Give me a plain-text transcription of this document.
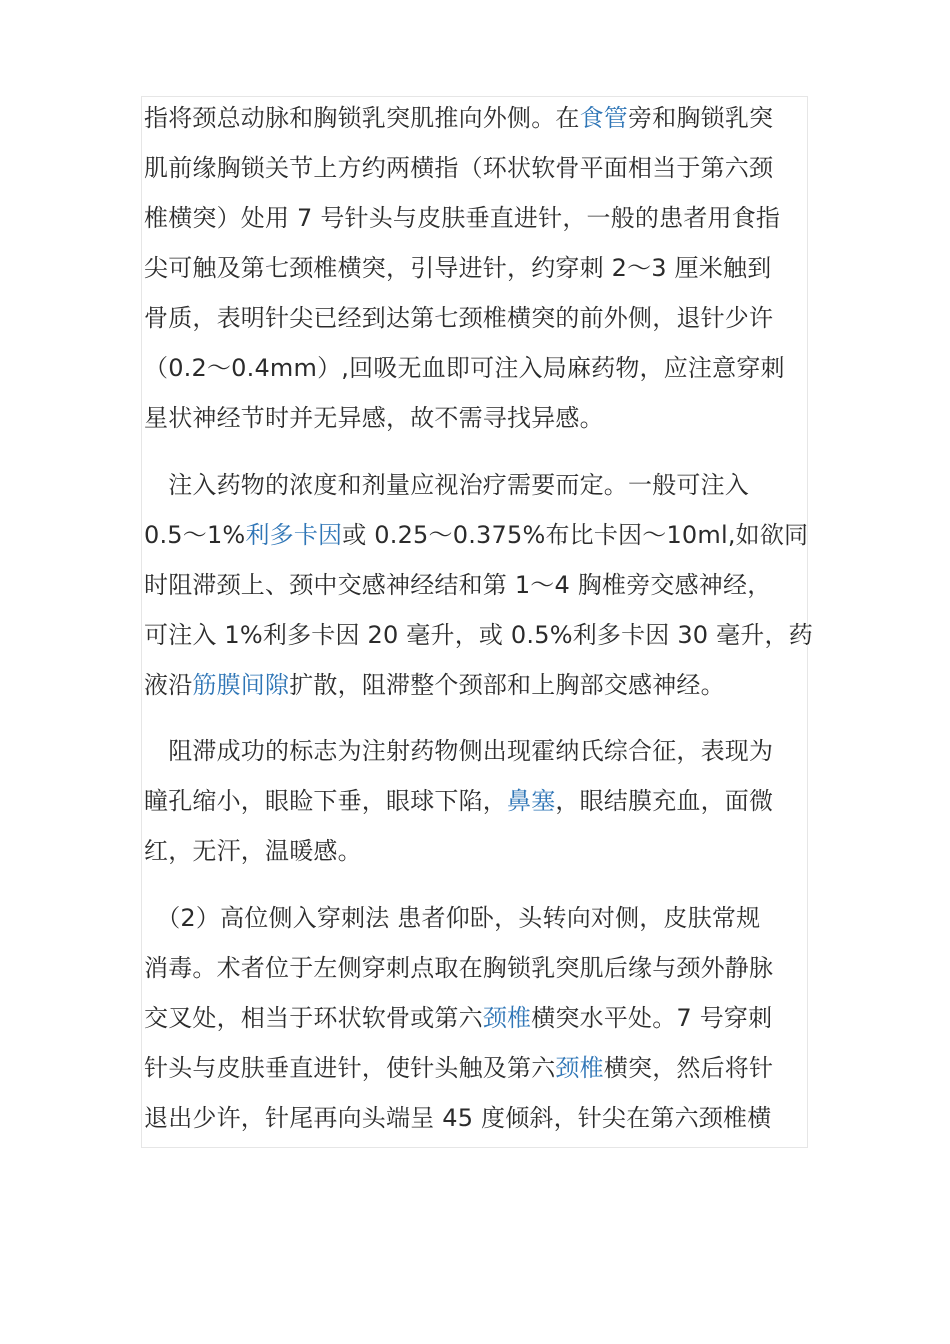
指将颈总动脉和胸锁乳突肌推向外侧。在食管旁和胸锁乳突
肌前缘胸锁关节上方约两横指（环状软骨平面相当于第六颈
椎横突）处用 7 号针头与皮肤垂直进针，一般的患者用食指
尖可触及第七颈椎横突，引导进针，约穿刺 2～3 厘米触到
骨质，表明针尖已经到达第七颈椎横突的前外侧，退针少许
（0.2～0.4mm）,回吸无血即可注入局麻药物，应注意穿刺
星状神经节时并无异感，故不需寻找异感。
　注入药物的浓度和剂量应视治疗需要而定。一般可注入
0.5～1%利多卡因或 0.25～0.375%布比卡因～10ml,如欲同
时阻滞颈上、颈中交感神经结和第 1～4 胸椎旁交感神经，
可注入 1%利多卡因 20 毫升，或 0.5%利多卡因 30 毫升，药
液沿筋膜间隙扩散，阻滞整个颈部和上胸部交感神经。
　阻滞成功的标志为注射药物侧出现霍纳氏综合征，表现为
瞳孔缩小，眼睑下垂，眼球下陷，鼻塞，眼结膜充血，面微
红，无汗，温暖感。
　（2）高位侧入穿刺法 患者仰卧，头转向对侧，皮肤常规
消毒。术者位于左侧穿刺点取在胸锁乳突肌后缘与颈外静脉
交叉处，相当于环状软骨或第六颈椎横突水平处。7 号穿刺
针头与皮肤垂直进针，使针头触及第六颈椎横突，然后将针
退出少许，针尾再向头端呈 45 度倾斜，针尖在第六颈椎横
